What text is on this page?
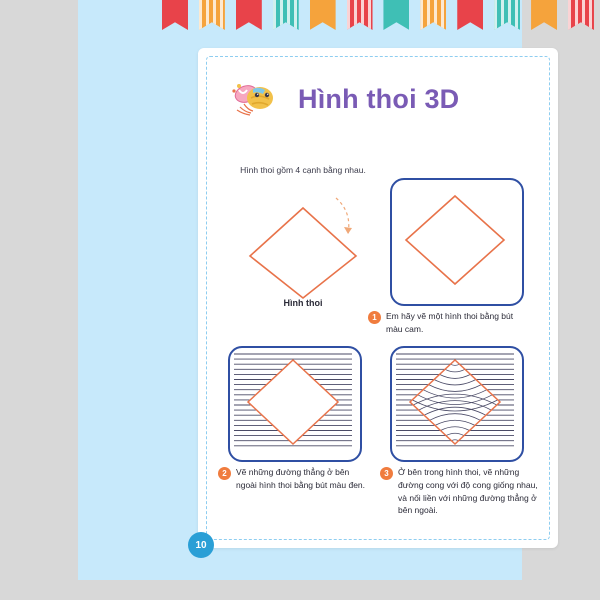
Hình thoi 3D
Hình thoi gồm 4 cạnh bằng nhau.
Hình thoi
1	Em hãy vẽ một hình thoi bằng bút màu cam.
2	Vẽ những đường thẳng ở bên ngoài hình thoi bằng bút màu đen.
3	Ở bên trong hình thoi, vẽ những đường cong với độ cong giống nhau, và nối liền với những đường thẳng ở bên ngoài.
10
